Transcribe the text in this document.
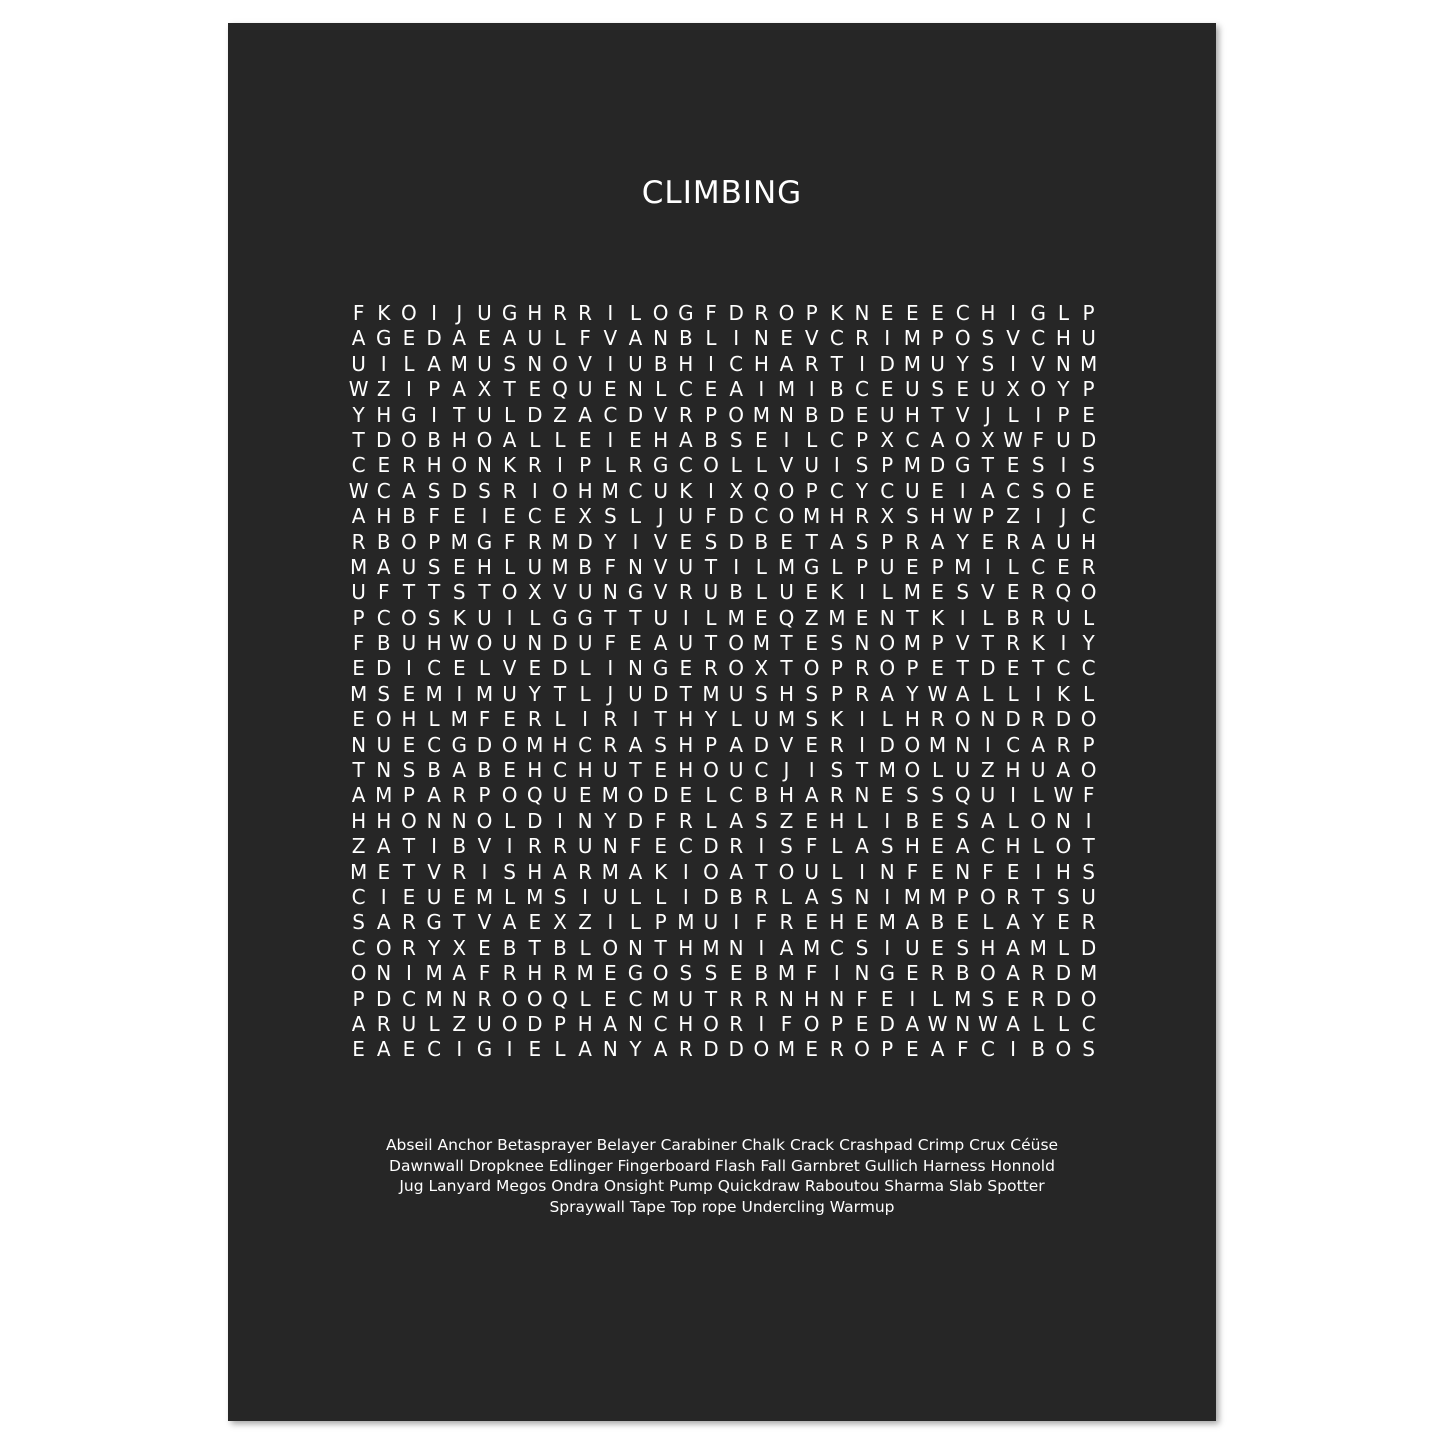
CLIMBING
F K O I J U G H R R I L O G F D R O P K N E E E C H I G L P
A G E D A E A U L F V A N B L I N E V C R I M P O S V C H U
U I L A M U S N O V I U B H I C H A R T I D M U Y S I V N M
W Z I P A X T E Q U E N L C E A I M I B C E U S E U X O Y P
Y H G I T U L D Z A C D V R P O M N B D E U H T V J L I P E
T D O B H O A L L E I E H A B S E I L C P X C A O X W F U D
C E R H O N K R I P L R G C O L L V U I S P M D G T E S I S
W C A S D S R I O H M C U K I X Q O P C Y C U E I A C S O E
A H B F E I E C E X S L J U F D C O M H R X S H W P Z I J C
R B O P M G F R M D Y I V E S D B E T A S P R A Y E R A U H
M A U S E H L U M B F N V U T I L M G L P U E P M I L C E R
U F T T S T O X V U N G V R U B L U E K I L M E S V E R Q O
P C O S K U I L G G T T U I L M E Q Z M E N T K I L B R U L
F B U H W O U N D U F E A U T O M T E S N O M P V T R K I Y
E D I C E L V E D L I N G E R O X T O P R O P E T D E T C C
M S E M I M U Y T L J U D T M U S H S P R A Y W A L L I K L
E O H L M F E R L I R I T H Y L U M S K I L H R O N D R D O
N U E C G D O M H C R A S H P A D V E R I D O M N I C A R P
T N S B A B E H C H U T E H O U C J I S T M O L U Z H U A O
A M P A R P O Q U E M O D E L C B H A R N E S S Q U I L W F
H H O N N O L D I N Y D F R L A S Z E H L I B E S A L O N I
Z A T I B V I R R U N F E C D R I S F L A S H E A C H L O T
M E T V R I S H A R M A K I O A T O U L I N F E N F E I H S
C I E U E M L M S I U L L I D B R L A S N I M M P O R T S U
S A R G T V A E X Z I L P M U I F R E H E M A B E L A Y E R
C O R Y X E B T B L O N T H M N I A M C S I U E S H A M L D
O N I M A F R H R M E G O S S E B M F I N G E R B O A R D M
P D C M N R O O Q L E C M U T R R N H N F E I L M S E R D O
A R U L Z U O D P H A N C H O R I F O P E D A W N W A L L C
E A E C I G I E L A N Y A R D D O M E R O P E A F C I B O S
Abseil Anchor Betasprayer Belayer Carabiner Chalk Crack Crashpad Crimp Crux Céüse
Dawnwall Dropknee Edlinger Fingerboard Flash Fall Garnbret Gullich Harness Honnold
Jug Lanyard Megos Ondra Onsight Pump Quickdraw Raboutou Sharma Slab Spotter
Spraywall Tape Top rope Undercling Warmup
